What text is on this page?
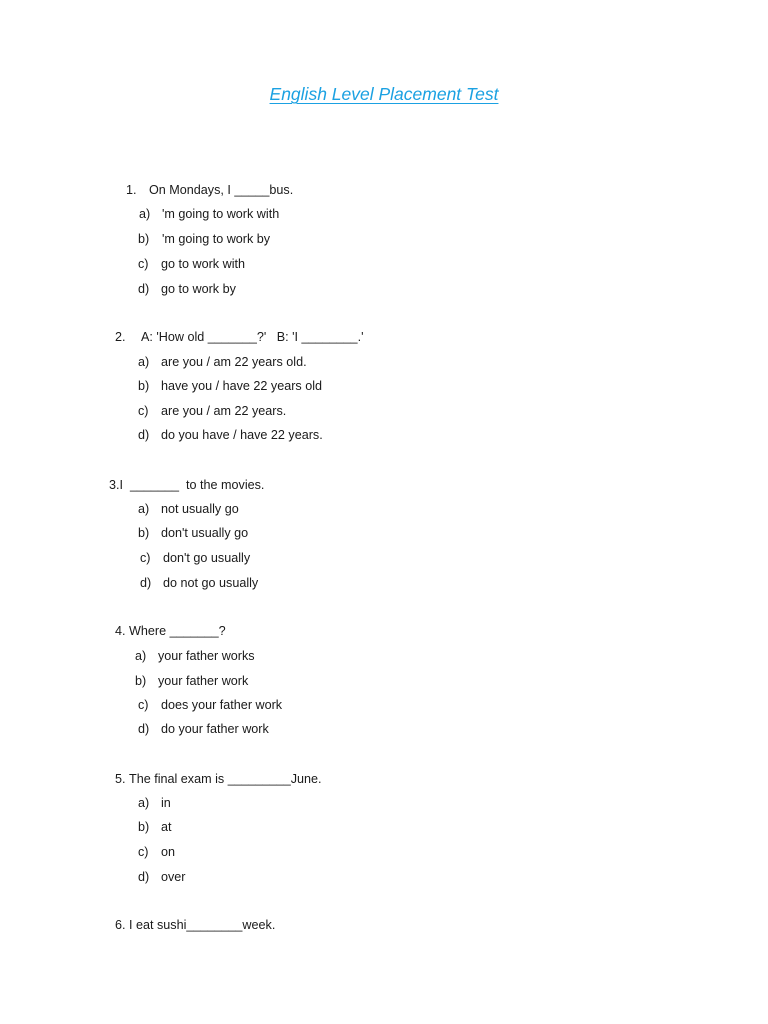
English Level Placement Test
1. On Mondays, I _____bus.
a) 'm going to work with
b) 'm going to work by
c) go to work with
d) go to work by
2. A: 'How old _______?'   B: 'I ________.'
a) are you / am 22 years old.
b) have you / have 22 years old
c) are you / am 22 years.
d) do you have / have 22 years.
3.I _______  to the movies.
a) not usually go
b) don't usually go
c) don't go usually
d) do not go usually
4. Where _______?
a) your father works
b) your father work
c) does your father work
d) do your father work
5. The final exam is _________June.
a) in
b) at
c) on
d) over
6. I eat sushi________week.
